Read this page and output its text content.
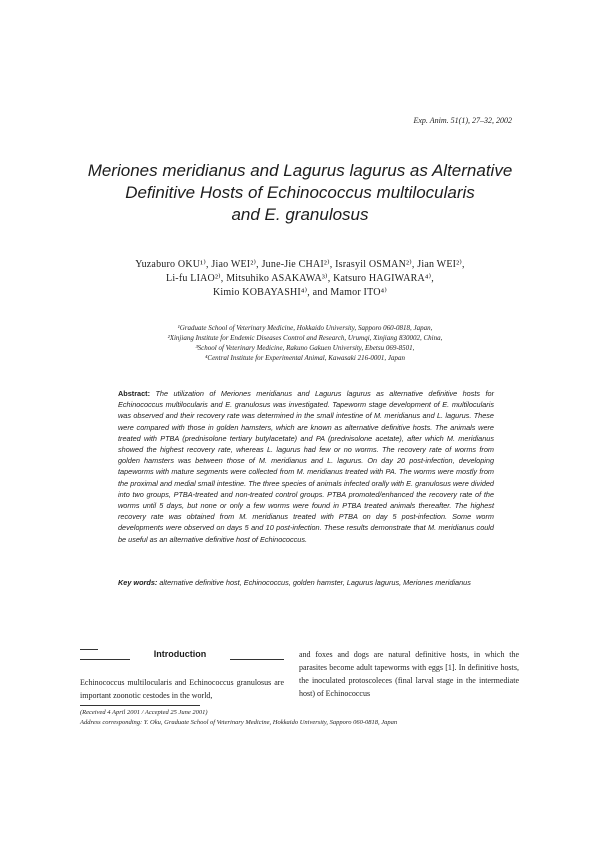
Exp. Anim. 51(1), 27–32, 2002
Meriones meridianus and Lagurus lagurus as Alternative
Definitive Hosts of Echinococcus multilocularis
and E. granulosus
Yuzaburo OKU¹⁾, Jiao WEI²⁾, June-Jie CHAI²⁾, Israsyil OSMAN²⁾, Jian WEI²⁾,
Li-fu LIAO²⁾, Mitsuhiko ASAKAWA³⁾, Katsuro HAGIWARA⁴⁾,
Kimio KOBAYASHI⁴⁾, and Mamor ITO⁴⁾
¹Graduate School of Veterinary Medicine, Hokkaido University, Sapporo 060-0818, Japan,
²Xinjiang Institute for Endemic Diseases Control and Research, Urumqi, Xinjiang 830002, China,
³School of Veterinary Medicine, Rakuno Gakuen University, Ebetsu 069-8501,
⁴Central Institute for Experimental Animal, Kawasaki 216-0001, Japan
Abstract: The utilization of Meriones meridianus and Lagurus lagurus as alternative definitive hosts for Echinococcus multilocularis and E. granulosus was investigated. Tapeworm stage development of E. multilocularis was observed and their recovery rate was determined in the small intestine of M. meridianus and L. lagurus. These were compared with those in golden hamsters, which are known as alternative definitive hosts. The animals were treated with PTBA (prednisolone tertiary butylacetate) and PA (prednisolone acetate), after which M. meridianus showed the highest recovery rate, whereas L. lagurus had few or no worms. The recovery rate of worms from golden hamsters was between those of M. meridianus and L. lagurus. On day 20 post-infection, developing tapeworms with mature segments were collected from M. meridianus treated with PA. The worms were mostly from the proximal and medial small intestine. The three species of animals infected orally with E. granulosus were divided into two groups, PTBA-treated and non-treated control groups. PTBA promoted/enhanced the recovery rate of the worms until 5 days, but none or only a few worms were found in PTBA treated animals thereafter. The highest recovery rate was obtained from M. meridianus treated with PTBA on day 5 post-infection. Some worm developments were observed on days 5 and 10 post-infection. These results demonstrate that M. meridianus could be useful as an alternative definitive host of Echinococcus.
Key words: alternative definitive host, Echinococcus, golden hamster, Lagurus lagurus, Meriones meridianus
Introduction
Echinococcus multilocularis and Echinococcus granulosus are important zoonotic cestodes in the world,
and foxes and dogs are natural definitive hosts, in which the parasites become adult tapeworms with eggs [1]. In definitive hosts, the inoculated protoscoleces (final larval stage in the intermediate host) of Echinococcus
(Received 4 April 2001 / Accepted 25 June 2001)
Address corresponding: Y. Oku, Graduate School of Veterinary Medicine, Hokkaido University, Sapporo 060-0818, Japan
